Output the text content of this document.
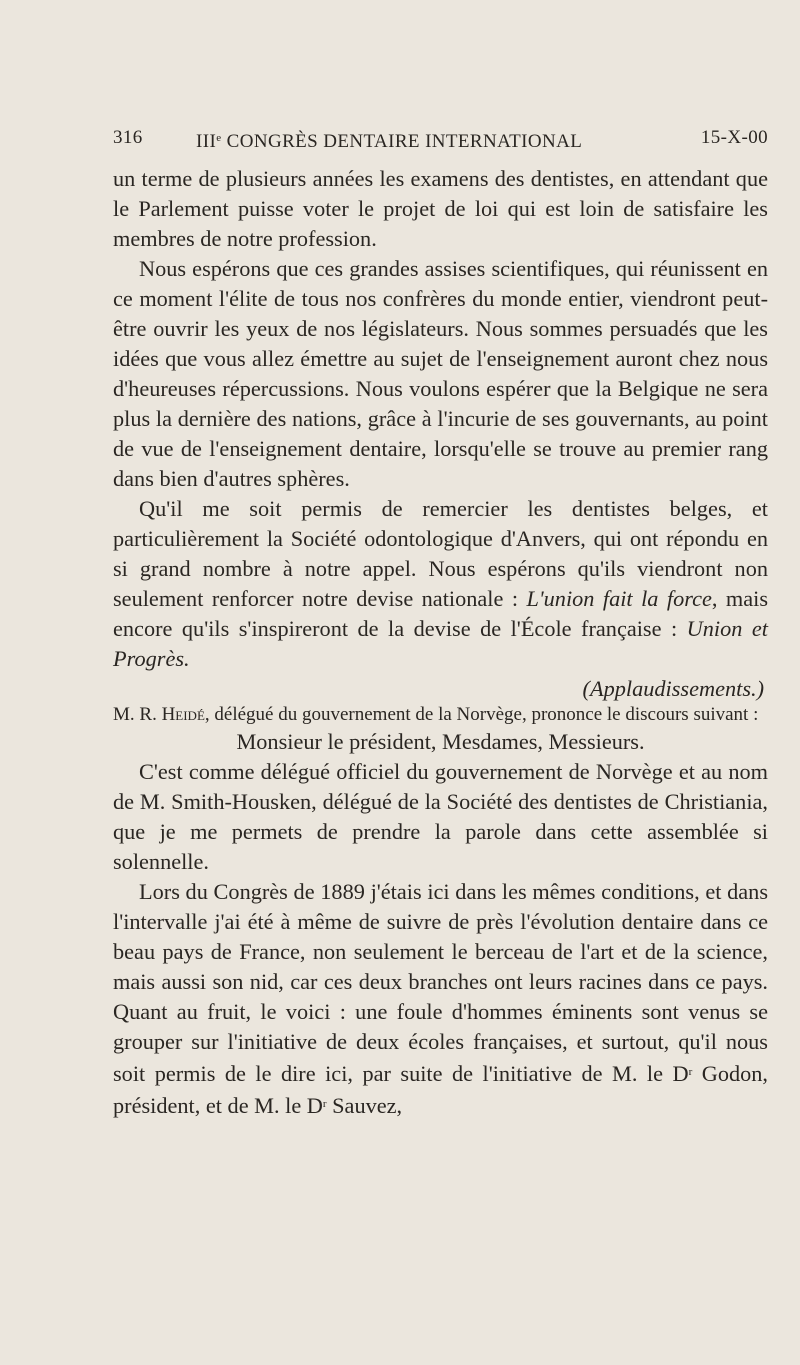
316	IIIe CONGRÈS DENTAIRE INTERNATIONAL	15-X-00

un terme de plusieurs années les examens des dentistes, en attendant que le Parlement puisse voter le projet de loi qui est loin de satisfaire les membres de notre profession.

Nous espérons que ces grandes assises scientifiques, qui réunissent en ce moment l'élite de tous nos confrères du monde entier, viendront peut-être ouvrir les yeux de nos législateurs. Nous sommes persuadés que les idées que vous allez émettre au sujet de l'enseignement auront chez nous d'heureuses répercussions. Nous voulons espérer que la Belgique ne sera plus la dernière des nations, grâce à l'incurie de ses gouvernants, au point de vue de l'enseignement dentaire, lorsqu'elle se trouve au premier rang dans bien d'autres sphères.

Qu'il me soit permis de remercier les dentistes belges, et particulièrement la Société odontologique d'Anvers, qui ont répondu en si grand nombre à notre appel. Nous espérons qu'ils viendront non seulement renforcer notre devise nationale : L'union fait la force, mais encore qu'ils s'inspireront de la devise de l'École française : Union et Progrès.

(Applaudissements.)

M. R. Heidé, délégué du gouvernement de la Norvège, prononce le discours suivant :

Monsieur le président, Mesdames, Messieurs.

C'est comme délégué officiel du gouvernement de Norvège et au nom de M. Smith-Housken, délégué de la Société des dentistes de Christiania, que je me permets de prendre la parole dans cette assemblée si solennelle.

Lors du Congrès de 1889 j'étais ici dans les mêmes conditions, et dans l'intervalle j'ai été à même de suivre de près l'évolution dentaire dans ce beau pays de France, non seulement le berceau de l'art et de la science, mais aussi son nid, car ces deux branches ont leurs racines dans ce pays. Quant au fruit, le voici : une foule d'hommes éminents sont venus se grouper sur l'initiative de deux écoles françaises, et surtout, qu'il nous soit permis de le dire ici, par suite de l'initiative de M. le $D^r$ Godon, président, et de M. le $D^r$ Sauvez,
